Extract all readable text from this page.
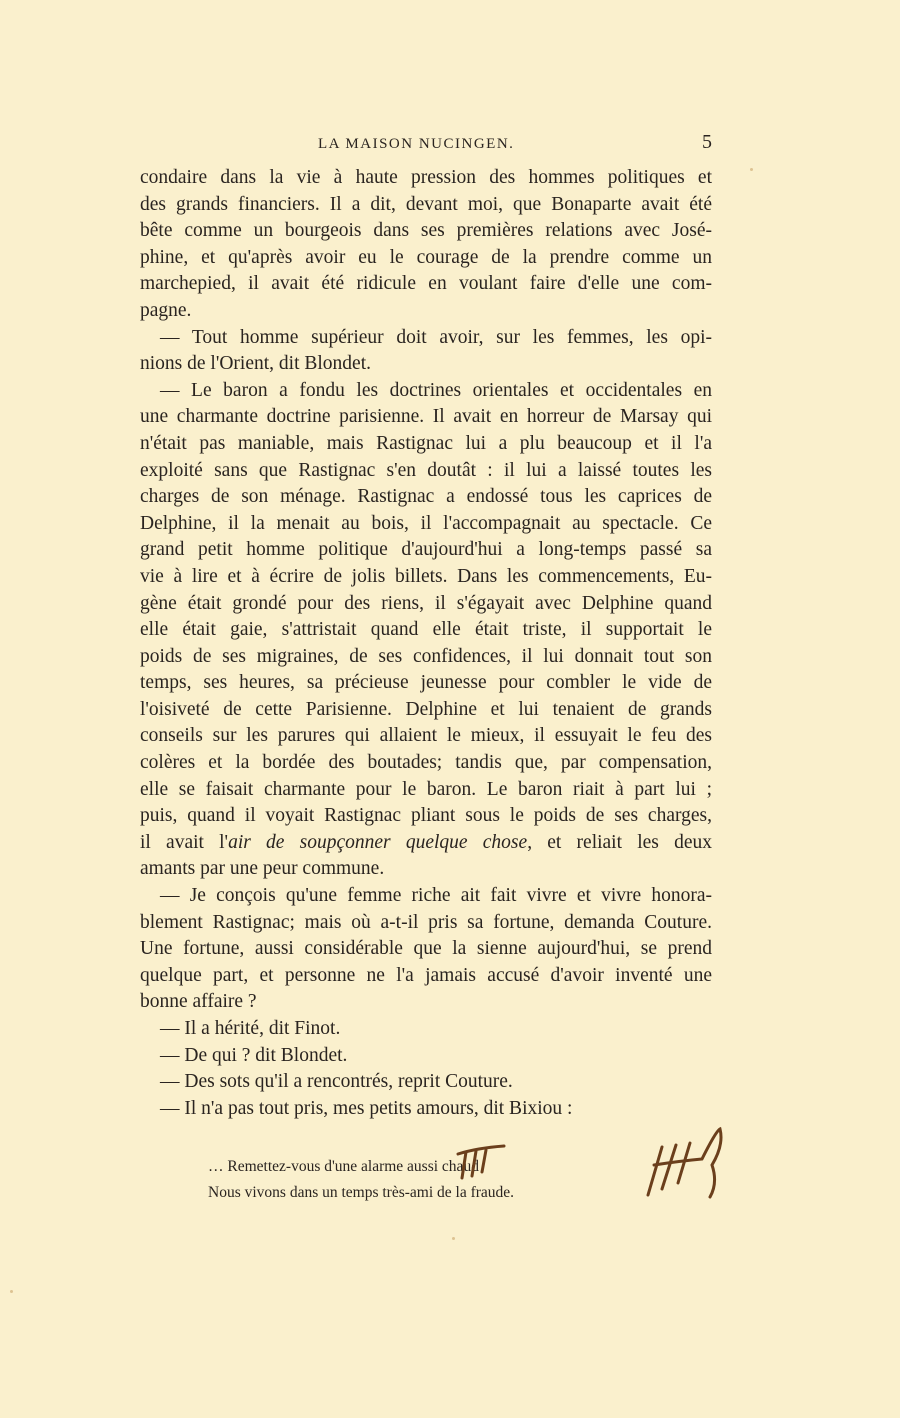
LA MAISON NUCINGEN.	5
condaire dans la vie à haute pression des hommes politiques et
des grands financiers. Il a dit, devant moi, que Bonaparte avait été
bête comme un bourgeois dans ses premières relations avec José-
phine, et qu'après avoir eu le courage de la prendre comme un
marchepied, il avait été ridicule en voulant faire d'elle une com-
pagne.
— Tout homme supérieur doit avoir, sur les femmes, les opi-
nions de l'Orient, dit Blondet.
— Le baron a fondu les doctrines orientales et occidentales en
une charmante doctrine parisienne. Il avait en horreur de Marsay qui
n'était pas maniable, mais Rastignac lui a plu beaucoup et il l'a
exploité sans que Rastignac s'en doutât : il lui a laissé toutes les
charges de son ménage. Rastignac a endossé tous les caprices de
Delphine, il la menait au bois, il l'accompagnait au spectacle. Ce
grand petit homme politique d'aujourd'hui a long-temps passé sa
vie à lire et à écrire de jolis billets. Dans les commencements, Eu-
gène était grondé pour des riens, il s'égayait avec Delphine quand
elle était gaie, s'attristait quand elle était triste, il supportait le
poids de ses migraines, de ses confidences, il lui donnait tout son
temps, ses heures, sa précieuse jeunesse pour combler le vide de
l'oisiveté de cette Parisienne. Delphine et lui tenaient de grands
conseils sur les parures qui allaient le mieux, il essuyait le feu des
colères et la bordée des boutades; tandis que, par compensation,
elle se faisait charmante pour le baron. Le baron riait à part lui ;
puis, quand il voyait Rastignac pliant sous le poids de ses charges,
il avait l'air de soupçonner quelque chose, et reliait les deux
amants par une peur commune.
— Je conçois qu'une femme riche ait fait vivre et vivre honora-
blement Rastignac; mais où a-t-il pris sa fortune, demanda Couture.
Une fortune, aussi considérable que la sienne aujourd'hui, se prend
quelque part, et personne ne l'a jamais accusé d'avoir inventé une
bonne affaire ?
— Il a hérité, dit Finot.
— De qui ? dit Blondet.
— Des sots qu'il a rencontrés, reprit Couture.
— Il n'a pas tout pris, mes petits amours, dit Bixiou :
… Remettez-vous d'une alarme aussi chaud
Nous vivons dans un temps très-ami de la fraude.
